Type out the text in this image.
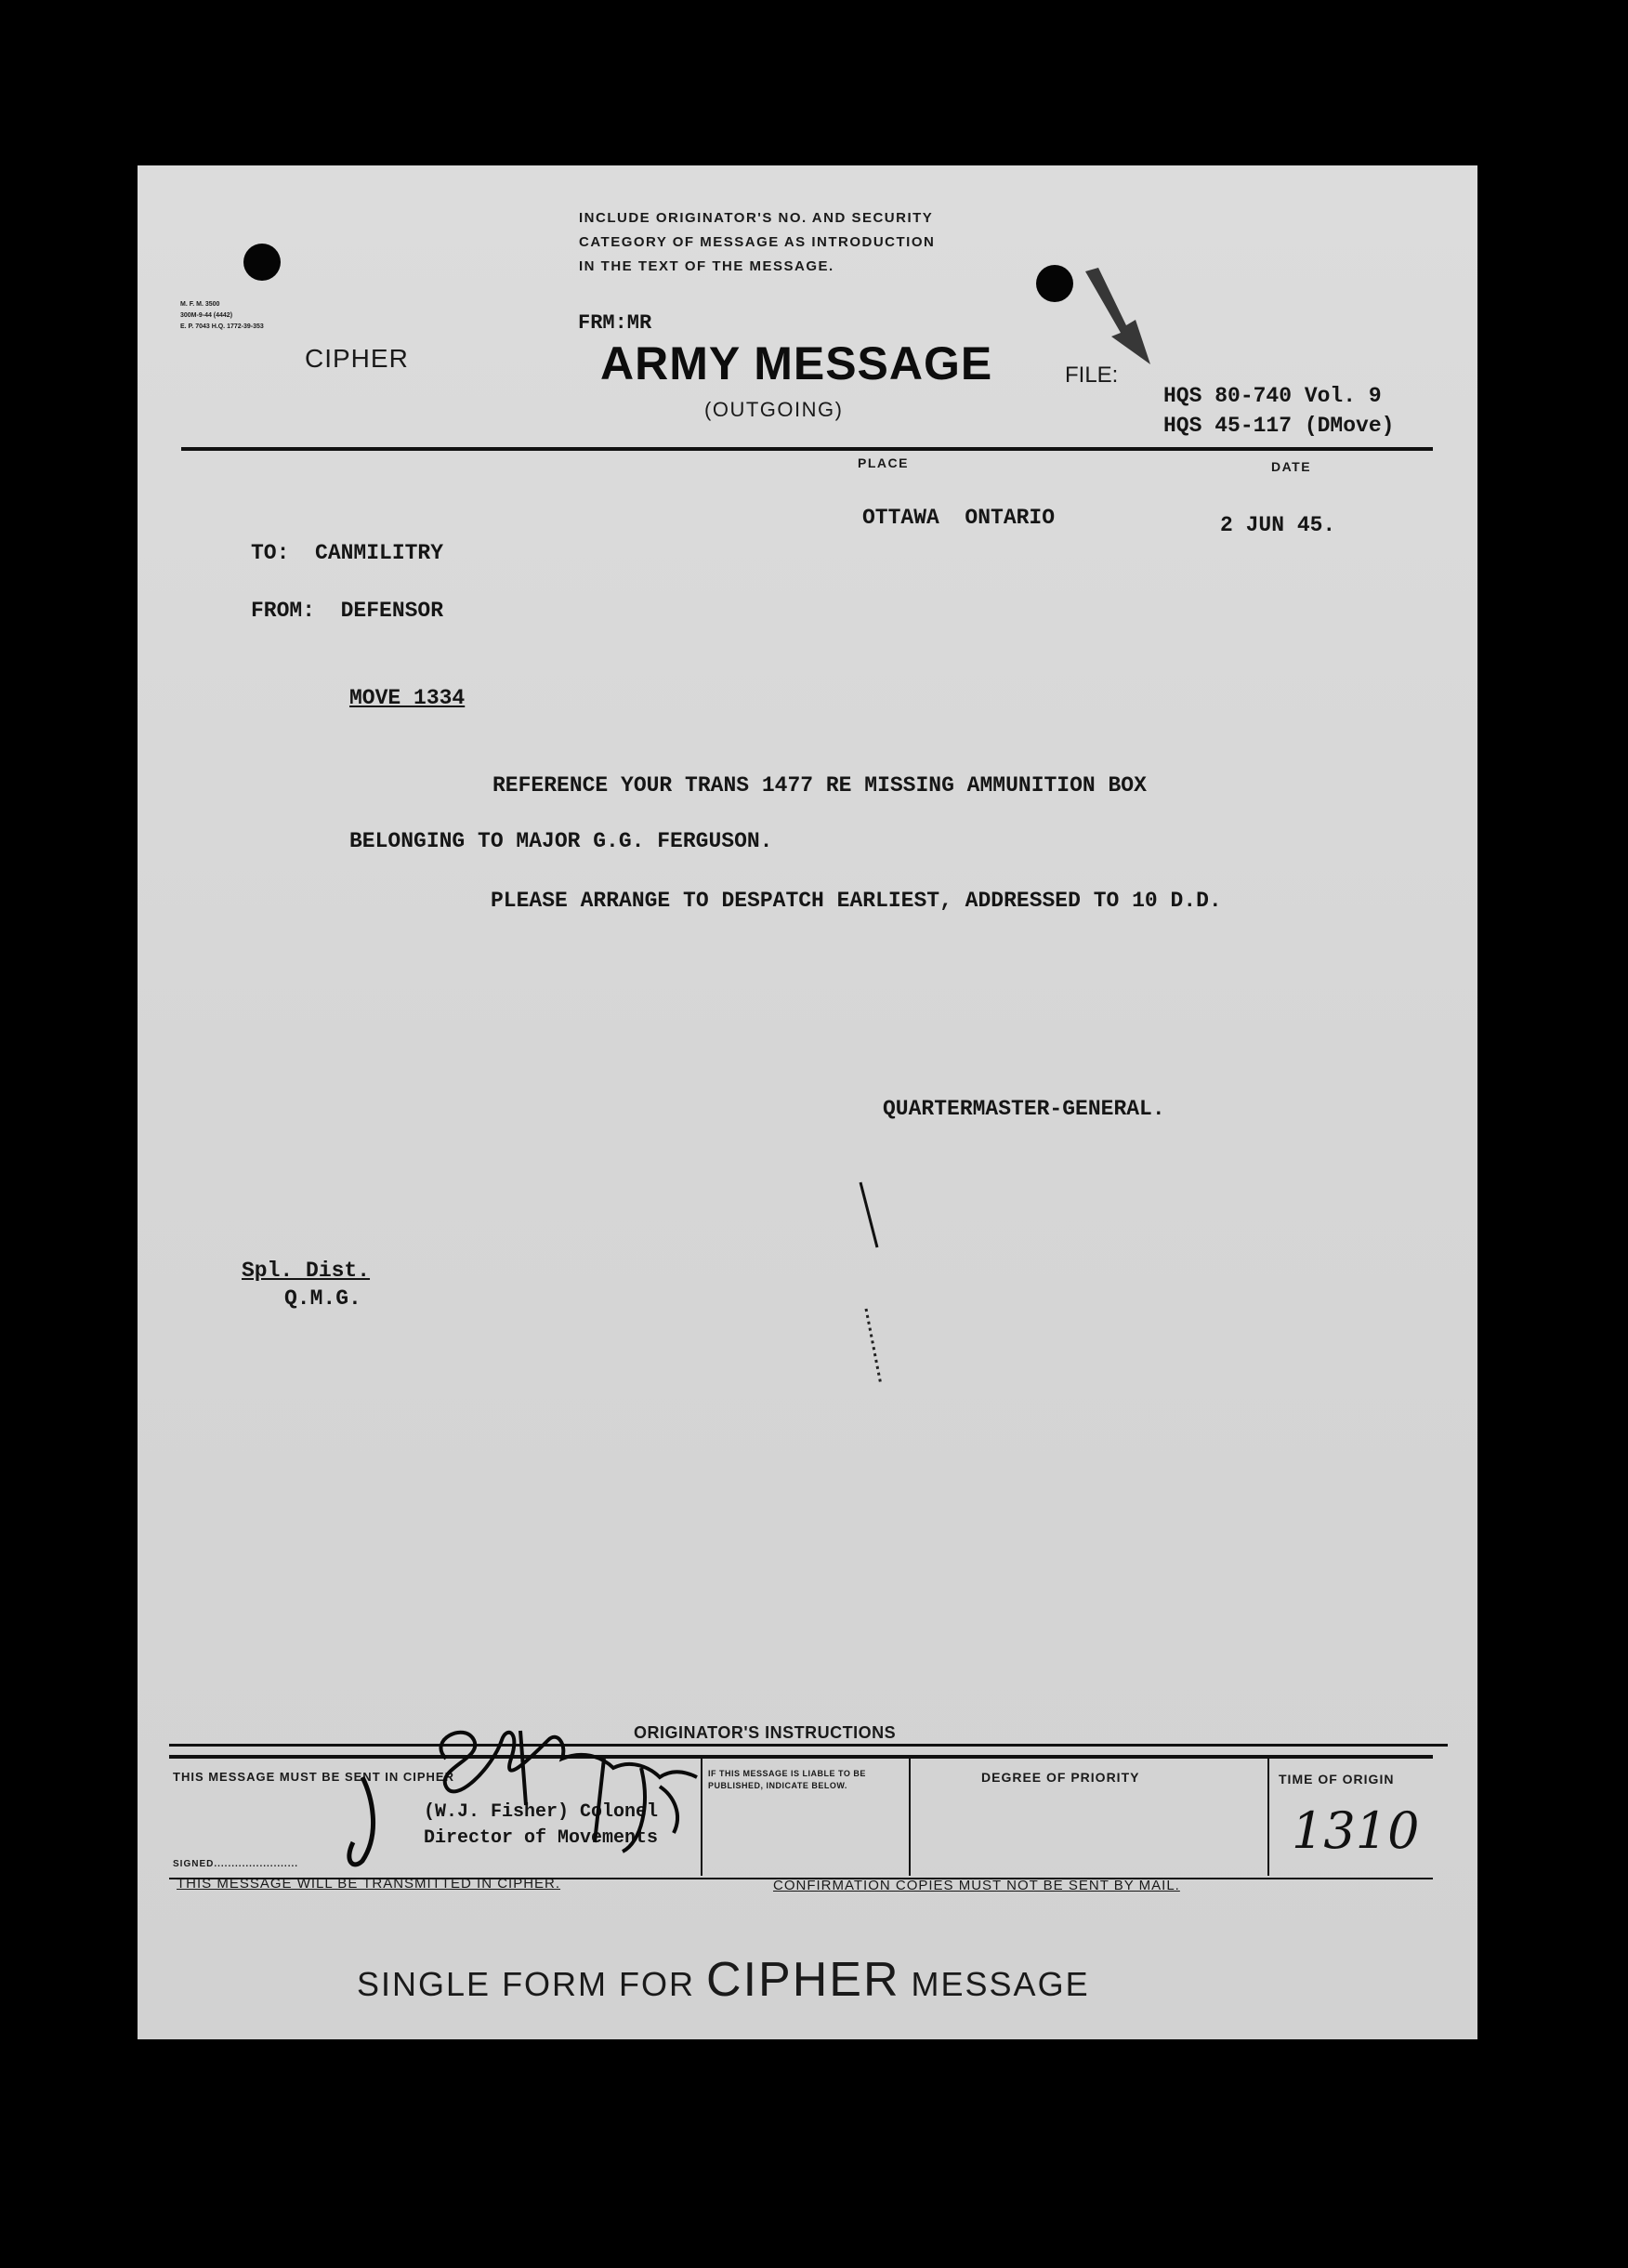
INCLUDE ORIGINATOR'S NO. AND SECURITY
CATEGORY OF MESSAGE AS INTRODUCTION
IN THE TEXT OF THE MESSAGE.
M. F. M. 3500
300M-9-44 (4442)
E. P. 7043 H.Q. 1772-39-353
CIPHER
FRM:MR
ARMY MESSAGE
(OUTGOING)
FILE:
HQS 80-740 Vol. 9
HQS 45-117 (DMove)
PLACE	DATE
OTTAWA  ONTARIO	2 JUN 45.
TO:  CANMILITRY
FROM:  DEFENSOR
MOVE 1334
REFERENCE YOUR TRANS 1477 RE MISSING AMMUNITION BOX
BELONGING TO MAJOR G.G. FERGUSON.
PLEASE ARRANGE TO DESPATCH EARLIEST, ADDRESSED TO 10 D.D.
QUARTERMASTER-GENERAL.
Spl. Dist.
Q.M.G.
ORIGINATOR'S INSTRUCTIONS
THIS MESSAGE MUST BE SENT IN CIPHER	IF THIS MESSAGE IS LIABLE TO BE PUBLISHED, INDICATE BELOW.
DEGREE OF PRIORITY	TIME OF ORIGIN
1310
(W.J. Fisher) Colonel
Director of Movements
SIGNED........................
THIS MESSAGE WILL BE TRANSMITTED IN CIPHER.	CONFIRMATION COPIES MUST NOT BE SENT BY MAIL.

SINGLE FORM FOR CIPHER MESSAGE
